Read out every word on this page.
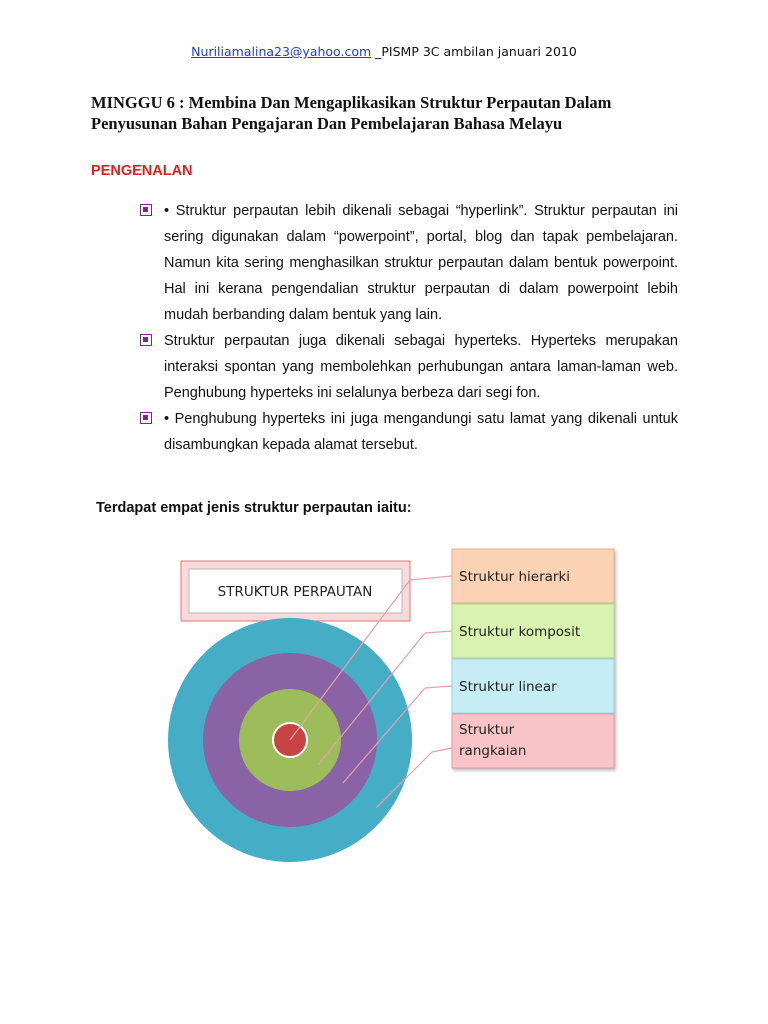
Nuriliamalina23@yahoo.com _PISMP 3C ambilan januari 2010
MINGGU 6 : Membina Dan Mengaplikasikan Struktur Perpautan Dalam
Penyusunan Bahan Pengajaran Dan Pembelajaran Bahasa Melayu
PENGENALAN
• Struktur perpautan lebih dikenali sebagai “hyperlink”. Struktur perpautan ini sering digunakan dalam “powerpoint”, portal, blog dan tapak pembelajaran. Namun kita sering menghasilkan struktur perpautan dalam bentuk powerpoint. Hal ini kerana pengendalian struktur perpautan di dalam powerpoint lebih mudah berbanding dalam bentuk yang lain.
Struktur perpautan juga dikenali sebagai hyperteks. Hyperteks merupakan interaksi spontan yang membolehkan perhubungan antara laman-laman web. Penghubung hyperteks ini selalunya berbeza dari segi fon.
• Penghubung hyperteks ini juga mengandungi satu lamat yang dikenali untuk disambungkan kepada alamat tersebut.
Terdapat empat jenis struktur perpautan iaitu:
STRUKTUR PERPAUTAN
Struktur hierarki
Struktur komposit
Struktur linear
Struktur
rangkaian
